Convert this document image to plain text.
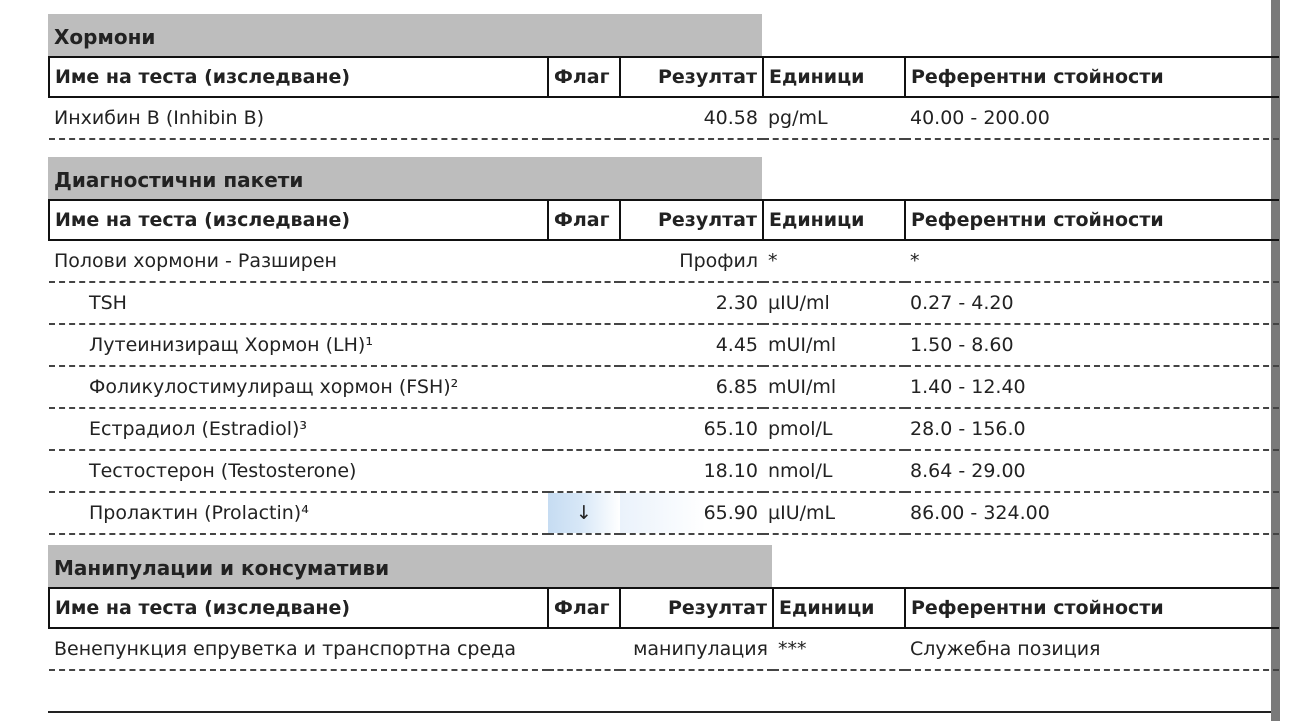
Хормони
Име на теста (изследване)	Флаг	Резултат	Единици	Референтни стойности
Инхибин B (Inhibin B)		40.58	pg/mL	40.00 - 200.00
Диагностични пакети
Име на теста (изследване)	Флаг	Резултат	Единици	Референтни стойности
Полови хормони - Разширен		Профил	*	*
TSH		2.30	µIU/ml	0.27 - 4.20
Лутеинизиращ Хормон (LH)¹		4.45	mUI/ml	1.50 - 8.60
Фоликулостимулиращ хормон (FSH)²		6.85	mUI/ml	1.40 - 12.40
Естрадиол (Estradiol)³		65.10	pmol/L	28.0 - 156.0
Тестостерон (Testosterone)		18.10	nmol/L	8.64 - 29.00
Пролактин (Prolactin)⁴	↓	65.90	µIU/mL	86.00 - 324.00
Манипулации и консумативи
Име на теста (изследване)	Флаг	Резултат	Единици	Референтни стойности
Венепункция епруветка и транспортна среда		манипулация	***	Служебна позиция
